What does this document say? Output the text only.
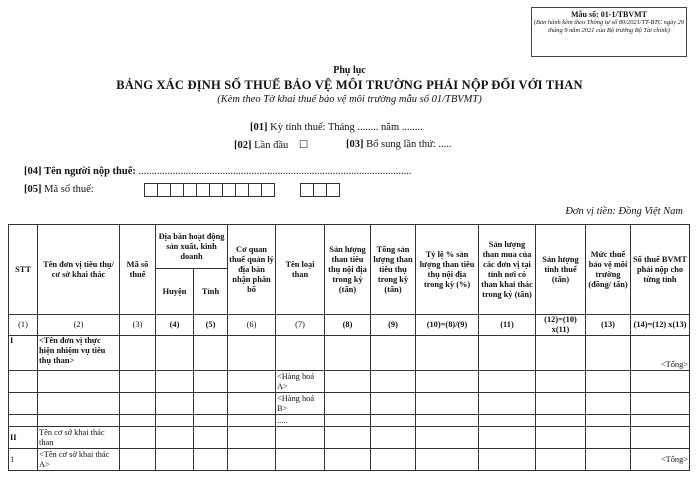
Mẫu số: 01-1/TBVMT
(Ban hành kèm theo Thông tư số 80/2021/TT-BTC ngày 29 tháng 9 năm 2021 của Bộ trưởng Bộ Tài chính)
Phụ lục
BẢNG XÁC ĐỊNH SỐ THUẾ BẢO VỆ MÔI TRƯỜNG PHẢI NỘP ĐỐI VỚI THAN
(Kèm theo Tờ khai thuế bảo vệ môi trường mẫu số 01/TBVMT)
[01] Kỳ tính thuế: Tháng ........ năm ........
[02] Lần đầu ☐	[03] Bổ sung lần thứ: .....
[04] Tên người nộp thuế: ........................................................................................................
[05] Mã số thuế:
Đơn vị tiền: Đồng Việt Nam
STT	Tên đơn vị tiêu thụ/ cơ sở khai thác	Mã số thuế	Địa bàn hoạt động sản xuất, kinh doanh		Cơ quan thuế quản lý địa bàn nhận phân bổ	Tên loại than	Sản lượng than tiêu thụ nội địa trong kỳ (tấn)	Tổng sản lượng than tiêu thụ trong kỳ (tấn)	Tỷ lệ % sản lượng than tiêu thụ nội địa trong kỳ (%)	Sản lượng than mua của các đơn vị tại tỉnh nơi có than khai thác trong kỳ (tấn)	Sản lượng tính thuế (tấn)	Mức thuế bảo vệ môi trường (đồng/ tấn)	Số thuế BVMT phải nộp cho từng tỉnh
			Huyện	Tỉnh									
(1)	(2)	(3)	(4)	(5)	(6)	(7)	(8)	(9)	(10)=(8)/(9)	(11)	(12)=(10) x(11)	(13)	(14)=(12) x(13)
I	<Tên đơn vị thực hiện nhiệm vụ tiêu thụ than>												<Tổng>
						<Hàng hoá A>							
						<Hàng hoá B>							
						.....							
II	Tên cơ sở khai thác than												
1	<Tên cơ sở khai thác A>												<Tổng>
